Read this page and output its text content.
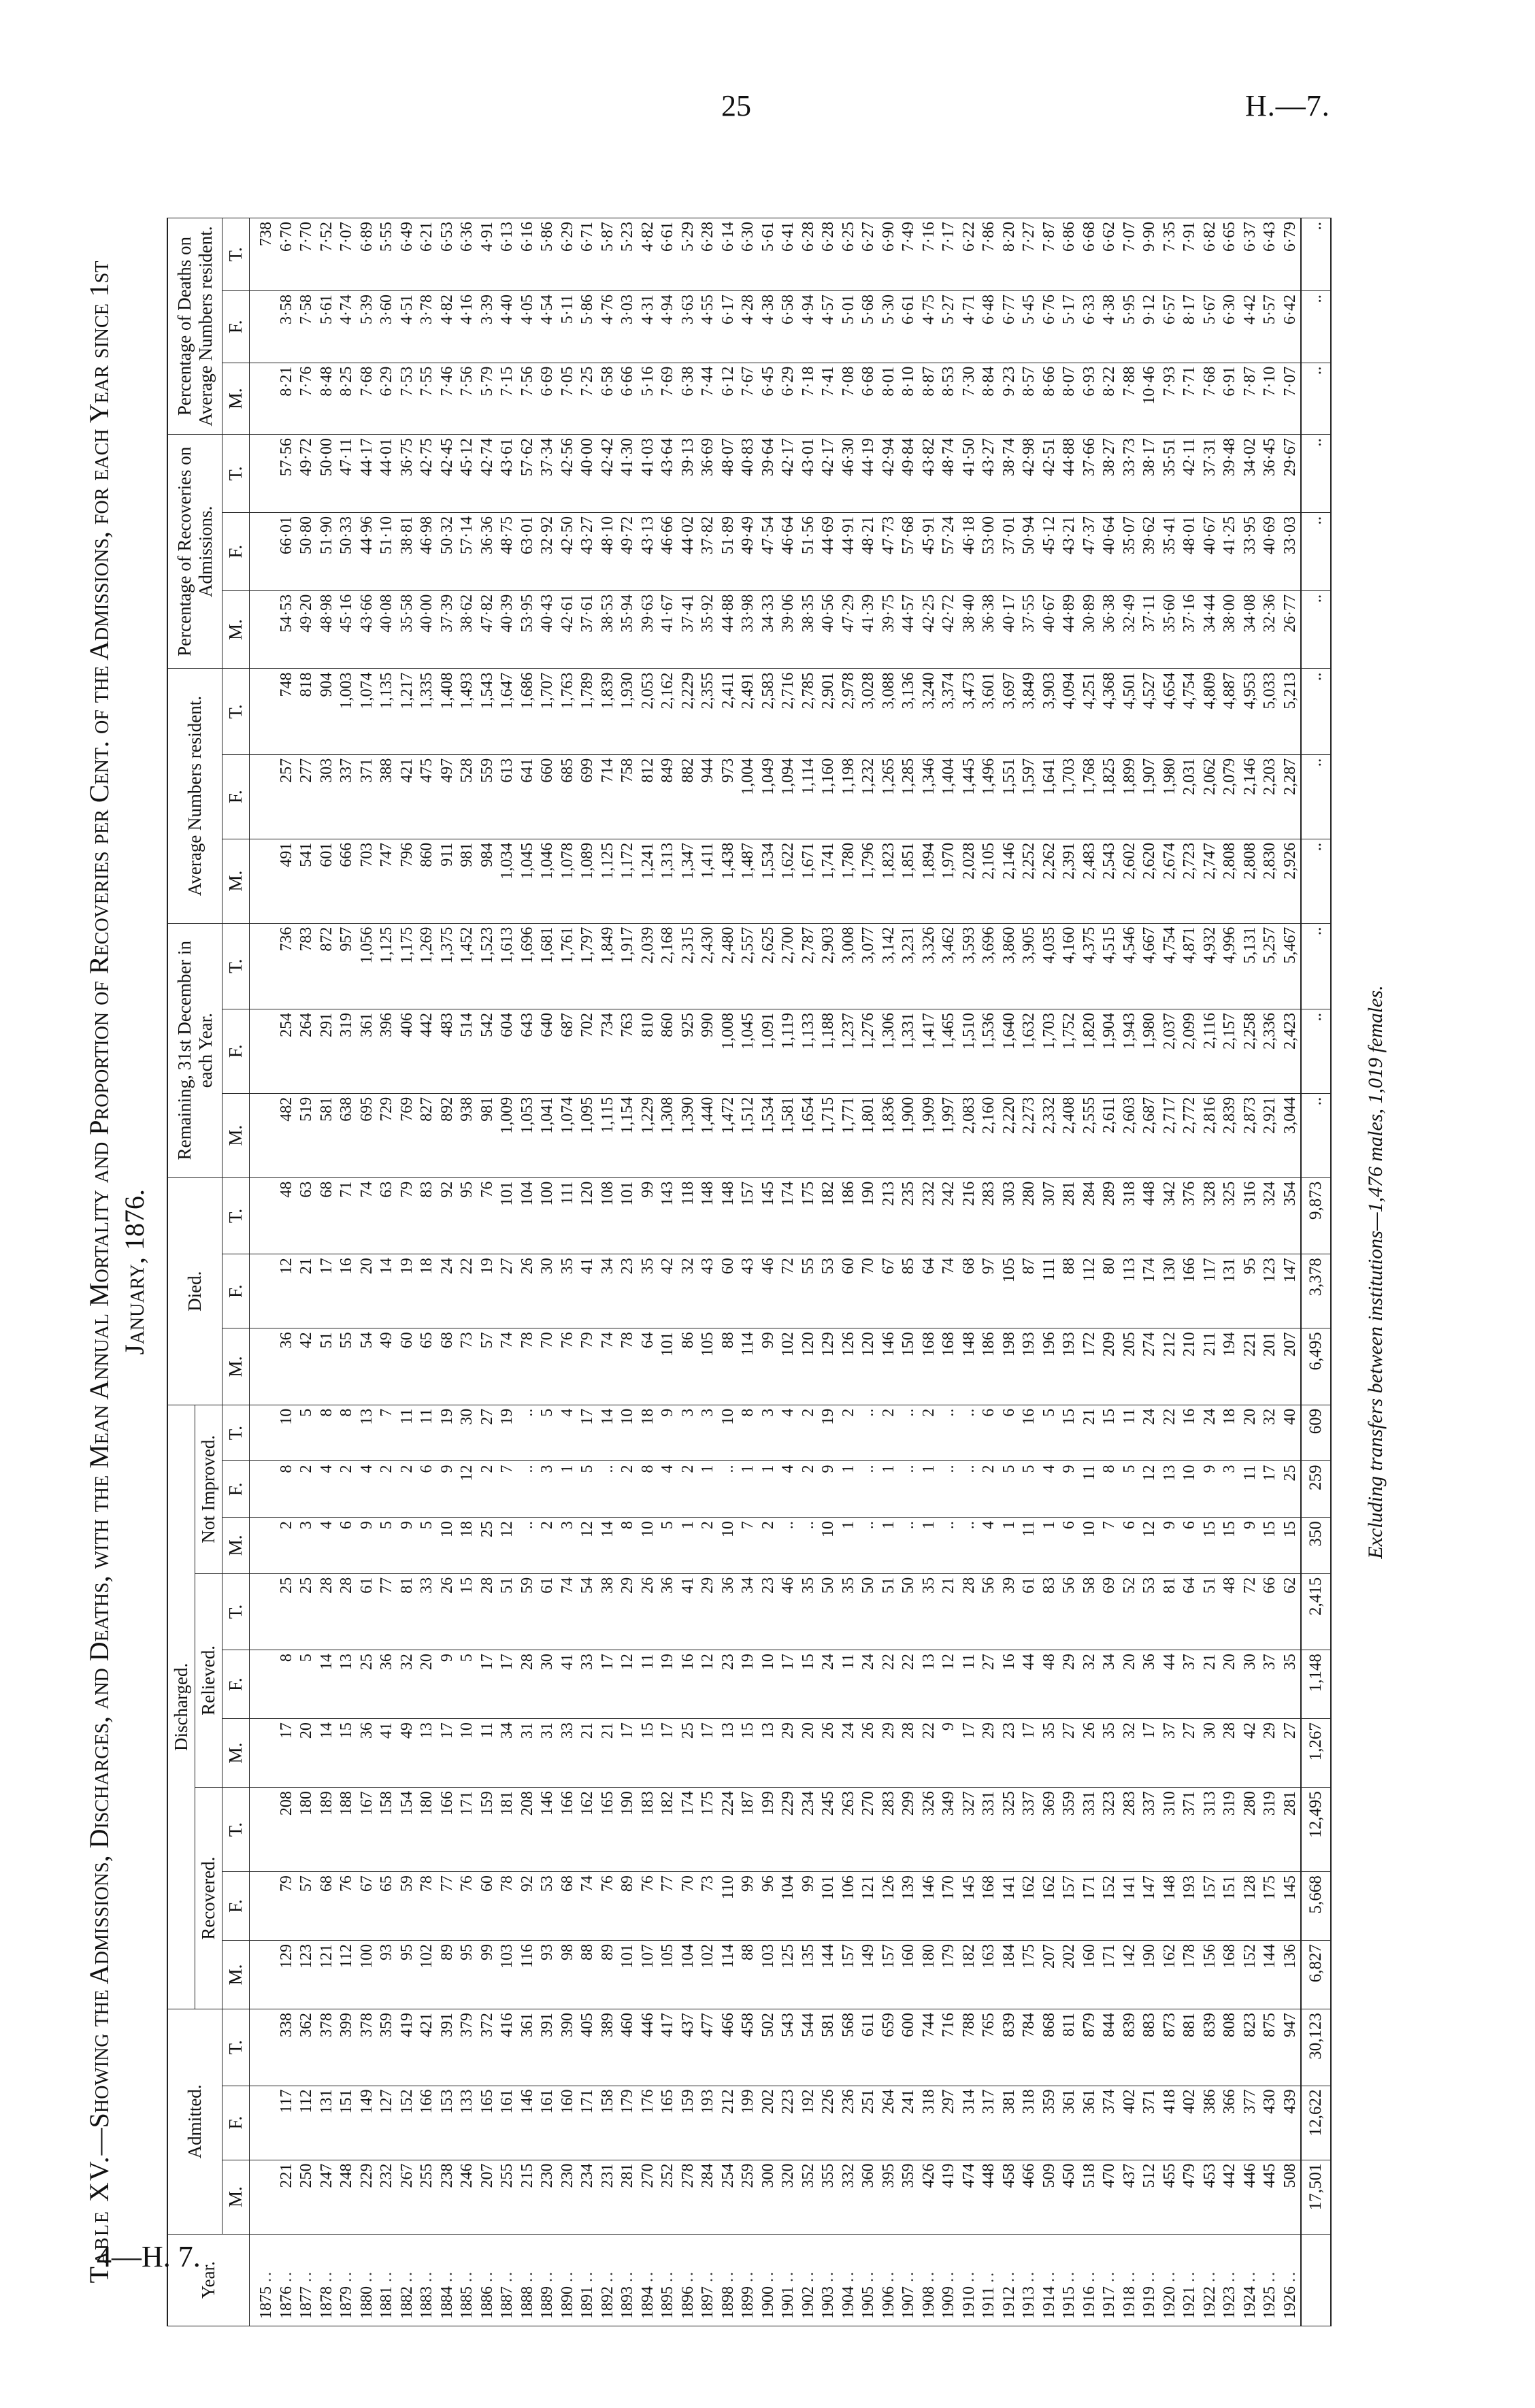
25	H.—7.
Table XV.—Showing the Admissions, Discharges, and Deaths, with the Mean Annual Mortality and Proportion of Recoveries per Cent. of the Admissions, for each Year since 1st January, 1876.
Year.	Admitted.			Discharged.									Died.			Remaining, 31st December in each Year.			Average Numbers resident.			Percentage of Recoveries on Admissions.			Percentage of Deaths on Average Numbers resident.		
				Recovered.			Relieved.			Not Improved.																	
	M.	F.	T.	M.	F.	T.	M.	F.	T.	M.	F.	T.	M.	F.	T.	M.	F.	T.	M.	F.	T.	M.	F.	T.	M.	F.	T.
1875 ..																											738
1876 ..	221	117	338	129	79	208	17	8	25	2	8	10	36	12	48	482	254	736	491	257	748	54·53	66·01	57·56	8·21	3·58	6·70
1877 ..	250	112	362	123	57	180	20	5	25	3	2	5	42	21	63	519	264	783	541	277	818	49·20	50·80	49·72	7·76	7·58	7·70
1878 ..	247	131	378	121	68	189	14	14	28	4	4	8	51	17	68	581	291	872	601	303	904	48·98	51·90	50·00	8·48	5·61	7·52
1879 ..	248	151	399	112	76	188	15	13	28	6	2	8	55	16	71	638	319	957	666	337	1,003	45·16	50·33	47·11	8·25	4·74	7·07
1880 ..	229	149	378	100	67	167	36	25	61	9	4	13	54	20	74	695	361	1,056	703	371	1,074	43·66	44·96	44·17	7·68	5·39	6·89
1881 ..	232	127	359	93	65	158	41	36	77	5	2	7	49	14	63	729	396	1,125	747	388	1,135	40·08	51·10	44·01	6·29	3·60	5·55
1882 ..	267	152	419	95	59	154	49	32	81	9	2	11	60	19	79	769	406	1,175	796	421	1,217	35·58	38·81	36·75	7·53	4·51	6·49
1883 ..	255	166	421	102	78	180	13	20	33	5	6	11	65	18	83	827	442	1,269	860	475	1,335	40·00	46·98	42·75	7·55	3·78	6·21
1884 ..	238	153	391	89	77	166	17	9	26	10	9	19	68	24	92	892	483	1,375	911	497	1,408	37·39	50·32	42·45	7·46	4·82	6·53
1885 ..	246	133	379	95	76	171	10	5	15	18	12	30	73	22	95	938	514	1,452	981	528	1,493	38·62	57·14	45·12	7·56	4·16	6·36
1886 ..	207	165	372	99	60	159	11	17	28	25	2	27	57	19	76	981	542	1,523	984	559	1,543	47·82	36·36	42·74	5·79	3·39	4·91
1887 ..	255	161	416	103	78	181	34	17	51	12	7	19	74	27	101	1,009	604	1,613	1,034	613	1,647	40·39	48·75	43·61	7·15	4·40	6·13
1888 ..	215	146	361	116	92	208	31	28	59	..	..	..	78	26	104	1,053	643	1,696	1,045	641	1,686	53·95	63·01	57·62	7·56	4·05	6·16
1889 ..	230	161	391	93	53	146	31	30	61	2	3	5	70	30	100	1,041	640	1,681	1,046	660	1,707	40·43	32·92	37·34	6·69	4·54	5·86
1890 ..	230	160	390	98	68	166	33	41	74	3	1	4	76	35	111	1,074	687	1,761	1,078	685	1,763	42·61	42·50	42·56	7·05	5·11	6·29
1891 ..	234	171	405	88	74	162	21	33	54	12	5	17	79	41	120	1,095	702	1,797	1,089	699	1,789	37·61	43·27	40·00	7·25	5·86	6·71
1892 ..	231	158	389	89	76	165	21	17	38	14	..	14	74	34	108	1,115	734	1,849	1,125	714	1,839	38·53	48·10	42·42	6·58	4·76	5·87
1893 ..	281	179	460	101	89	190	17	12	29	8	2	10	78	23	101	1,154	763	1,917	1,172	758	1,930	35·94	49·72	41·30	6·66	3·03	5·23
1894 ..	270	176	446	107	76	183	15	11	26	10	8	18	64	35	99	1,229	810	2,039	1,241	812	2,053	39·63	43·13	41·03	5·16	4·31	4·82
1895 ..	252	165	417	105	77	182	17	19	36	5	4	9	101	42	143	1,308	860	2,168	1,313	849	2,162	41·67	46·66	43·64	7·69	4·94	6·61
1896 ..	278	159	437	104	70	174	25	16	41	1	2	3	86	32	118	1,390	925	2,315	1,347	882	2,229	37·41	44·02	39·13	6·38	3·63	5·29
1897 ..	284	193	477	102	73	175	17	12	29	2	1	3	105	43	148	1,440	990	2,430	1,411	944	2,355	35·92	37·82	36·69	7·44	4·55	6·28
1898 ..	254	212	466	114	110	224	13	23	36	10	..	10	88	60	148	1,472	1,008	2,480	1,438	973	2,411	44·88	51·89	48·07	6·12	6·17	6·14
1899 ..	259	199	458	88	99	187	15	19	34	7	1	8	114	43	157	1,512	1,045	2,557	1,487	1,004	2,491	33·98	49·49	40·83	7·67	4·28	6·30
1900 ..	300	202	502	103	96	199	13	10	23	2	1	3	99	46	145	1,534	1,091	2,625	1,534	1,049	2,583	34·33	47·54	39·64	6·45	4·38	5·61
1901 ..	320	223	543	125	104	229	29	17	46	..	4	4	102	72	174	1,581	1,119	2,700	1,622	1,094	2,716	39·06	46·64	42·17	6·29	6·58	6·41
1902 ..	352	192	544	135	99	234	20	15	35	..	2	2	120	55	175	1,654	1,133	2,787	1,671	1,114	2,785	38·35	51·56	43·01	7·18	4·94	6·28
1903 ..	355	226	581	144	101	245	26	24	50	10	9	19	129	53	182	1,715	1,188	2,903	1,741	1,160	2,901	40·56	44·69	42·17	7·41	4·57	6·28
1904 ..	332	236	568	157	106	263	24	11	35	1	1	2	126	60	186	1,771	1,237	3,008	1,780	1,198	2,978	47·29	44·91	46·30	7·08	5·01	6·25
1905 ..	360	251	611	149	121	270	26	24	50	..	..	..	120	70	190	1,801	1,276	3,077	1,796	1,232	3,028	41·39	48·21	44·19	6·68	5·68	6·27
1906 ..	395	264	659	157	126	283	29	22	51	1	1	2	146	67	213	1,836	1,306	3,142	1,823	1,265	3,088	39·75	47·73	42·94	8·01	5·30	6·90
1907 ..	359	241	600	160	139	299	28	22	50	..	..	..	150	85	235	1,900	1,331	3,231	1,851	1,285	3,136	44·57	57·68	49·84	8·10	6·61	7·49
1908 ..	426	318	744	180	146	326	22	13	35	1	1	2	168	64	232	1,909	1,417	3,326	1,894	1,346	3,240	42·25	45·91	43·82	8·87	4·75	7·16
1909 ..	419	297	716	179	170	349	9	12	21	..	..	..	168	74	242	1,997	1,465	3,462	1,970	1,404	3,374	42·72	57·24	48·74	8·53	5·27	7·17
1910 ..	474	314	788	182	145	327	17	11	28	..	..	..	148	68	216	2,083	1,510	3,593	2,028	1,445	3,473	38·40	46·18	41·50	7·30	4·71	6·22
1911 ..	448	317	765	163	168	331	29	27	56	4	2	6	186	97	283	2,160	1,536	3,696	2,105	1,496	3,601	36·38	53·00	43·27	8·84	6·48	7·86
1912 ..	458	381	839	184	141	325	23	16	39	1	5	6	198	105	303	2,220	1,640	3,860	2,146	1,551	3,697	40·17	37·01	38·74	9·23	6·77	8·20
1913 ..	466	318	784	175	162	337	17	44	61	11	5	16	193	87	280	2,273	1,632	3,905	2,252	1,597	3,849	37·55	50·94	42·98	8·57	5·45	7·27
1914 ..	509	359	868	207	162	369	35	48	83	1	4	5	196	111	307	2,332	1,703	4,035	2,262	1,641	3,903	40·67	45·12	42·51	8·66	6·76	7·87
1915 ..	450	361	811	202	157	359	27	29	56	6	9	15	193	88	281	2,408	1,752	4,160	2,391	1,703	4,094	44·89	43·21	44·88	8·07	5·17	6·86
1916 ..	518	361	879	160	171	331	26	32	58	10	11	21	172	112	284	2,555	1,820	4,375	2,483	1,768	4,251	30·89	47·37	37·66	6·93	6·33	6·68
1917 ..	470	374	844	171	152	323	35	34	69	7	8	15	209	80	289	2,611	1,904	4,515	2,543	1,825	4,368	36·38	40·64	38·27	8·22	4·38	6·62
1918 ..	437	402	839	142	141	283	32	20	52	6	5	11	205	113	318	2,603	1,943	4,546	2,602	1,899	4,501	32·49	35·07	33·73	7·88	5·95	7·07
1919 ..	512	371	883	190	147	337	17	36	53	12	12	24	274	174	448	2,687	1,980	4,667	2,620	1,907	4,527	37·11	39·62	38·17	10·46	9·12	9·90
1920 ..	455	418	873	162	148	310	37	44	81	9	13	22	212	130	342	2,717	2,037	4,754	2,674	1,980	4,654	35·60	35·41	35·51	7·93	6·57	7·35
1921 ..	479	402	881	178	193	371	27	37	64	6	10	16	210	166	376	2,772	2,099	4,871	2,723	2,031	4,754	37·16	48·01	42·11	7·71	8·17	7·91
1922 ..	453	386	839	156	157	313	30	21	51	15	9	24	211	117	328	2,816	2,116	4,932	2,747	2,062	4,809	34·44	40·67	37·31	7·68	5·67	6·82
1923 ..	442	366	808	168	151	319	28	20	48	15	3	18	194	131	325	2,839	2,157	4,996	2,808	2,079	4,887	38·00	41·25	39·48	6·91	6·30	6·65
1924 ..	446	377	823	152	128	280	42	30	72	9	11	20	221	95	316	2,873	2,258	5,131	2,808	2,146	4,953	34·08	33·95	34·02	7·87	4·42	6·37
1925 ..	445	430	875	144	175	319	29	37	66	15	17	32	201	123	324	2,921	2,336	5,257	2,830	2,203	5,033	32·36	40·69	36·45	7·10	5·57	6·43
1926 ..	508	439	947	136	145	281	27	35	62	15	25	40	207	147	354	3,044	2,423	5,467	2,926	2,287	5,213	26·77	33·03	29·67	7·07	6·42	6·79
	17,501	12,622	30,123	6,827	5,668	12,495	1,267	1,148	2,415	350	259	609	6,495	3,378	9,873	..	..	..	..	..	..	..	..	..	..	..	..
Excluding transfers between institutions—1,476 males, 1,019 females.
4—H. 7.
